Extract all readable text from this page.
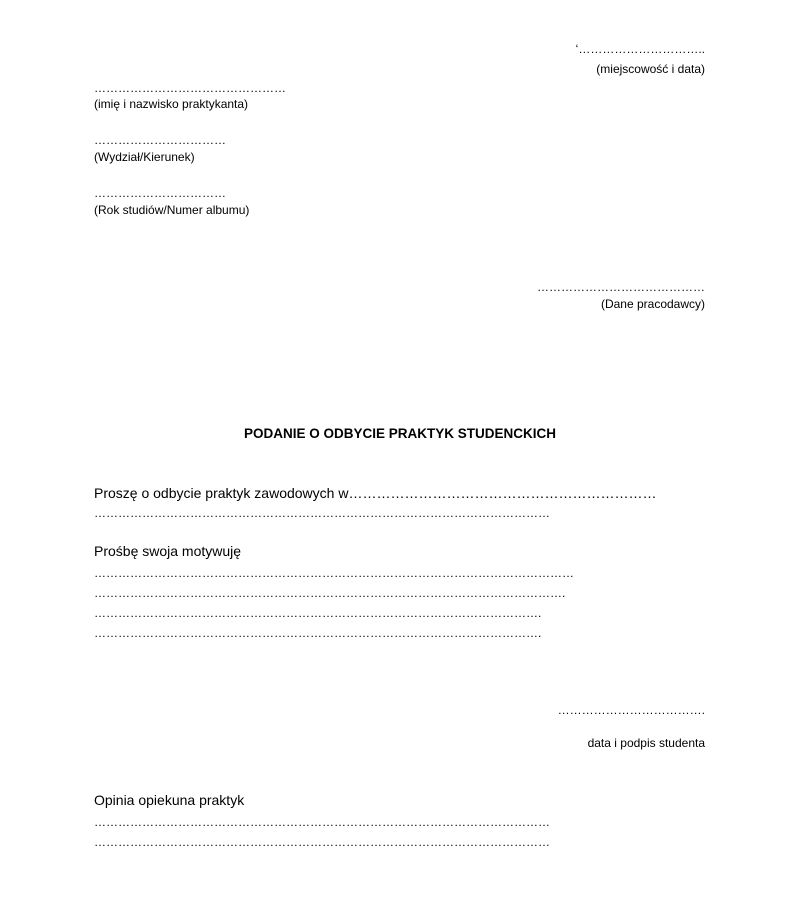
‘…………………………..
(miejscowość i data)
…………………………………………
(imię i nazwisko praktykanta)
……………………………
(Wydział/Kierunek)
……………………………
(Rok studiów/Numer albumu)
……………………………………
(Dane pracodawcy)
PODANIE O ODBYCIE PRAKTYK STUDENCKICH
Proszę o odbycie praktyk zawodowych w…………………………………………………………
……………………………………………………………………………………………………
Prośbę swoja motywuję
…………………………………………………………………………………………………………
……………………………………………………………………………………………………….
………………………………………………………………………………………………….
………………………………………………………………………………………………….
……………………………….
data i podpis studenta
Opinia opiekuna praktyk
……………………………………………………………………………………………………
……………………………………………………………………………………………………
